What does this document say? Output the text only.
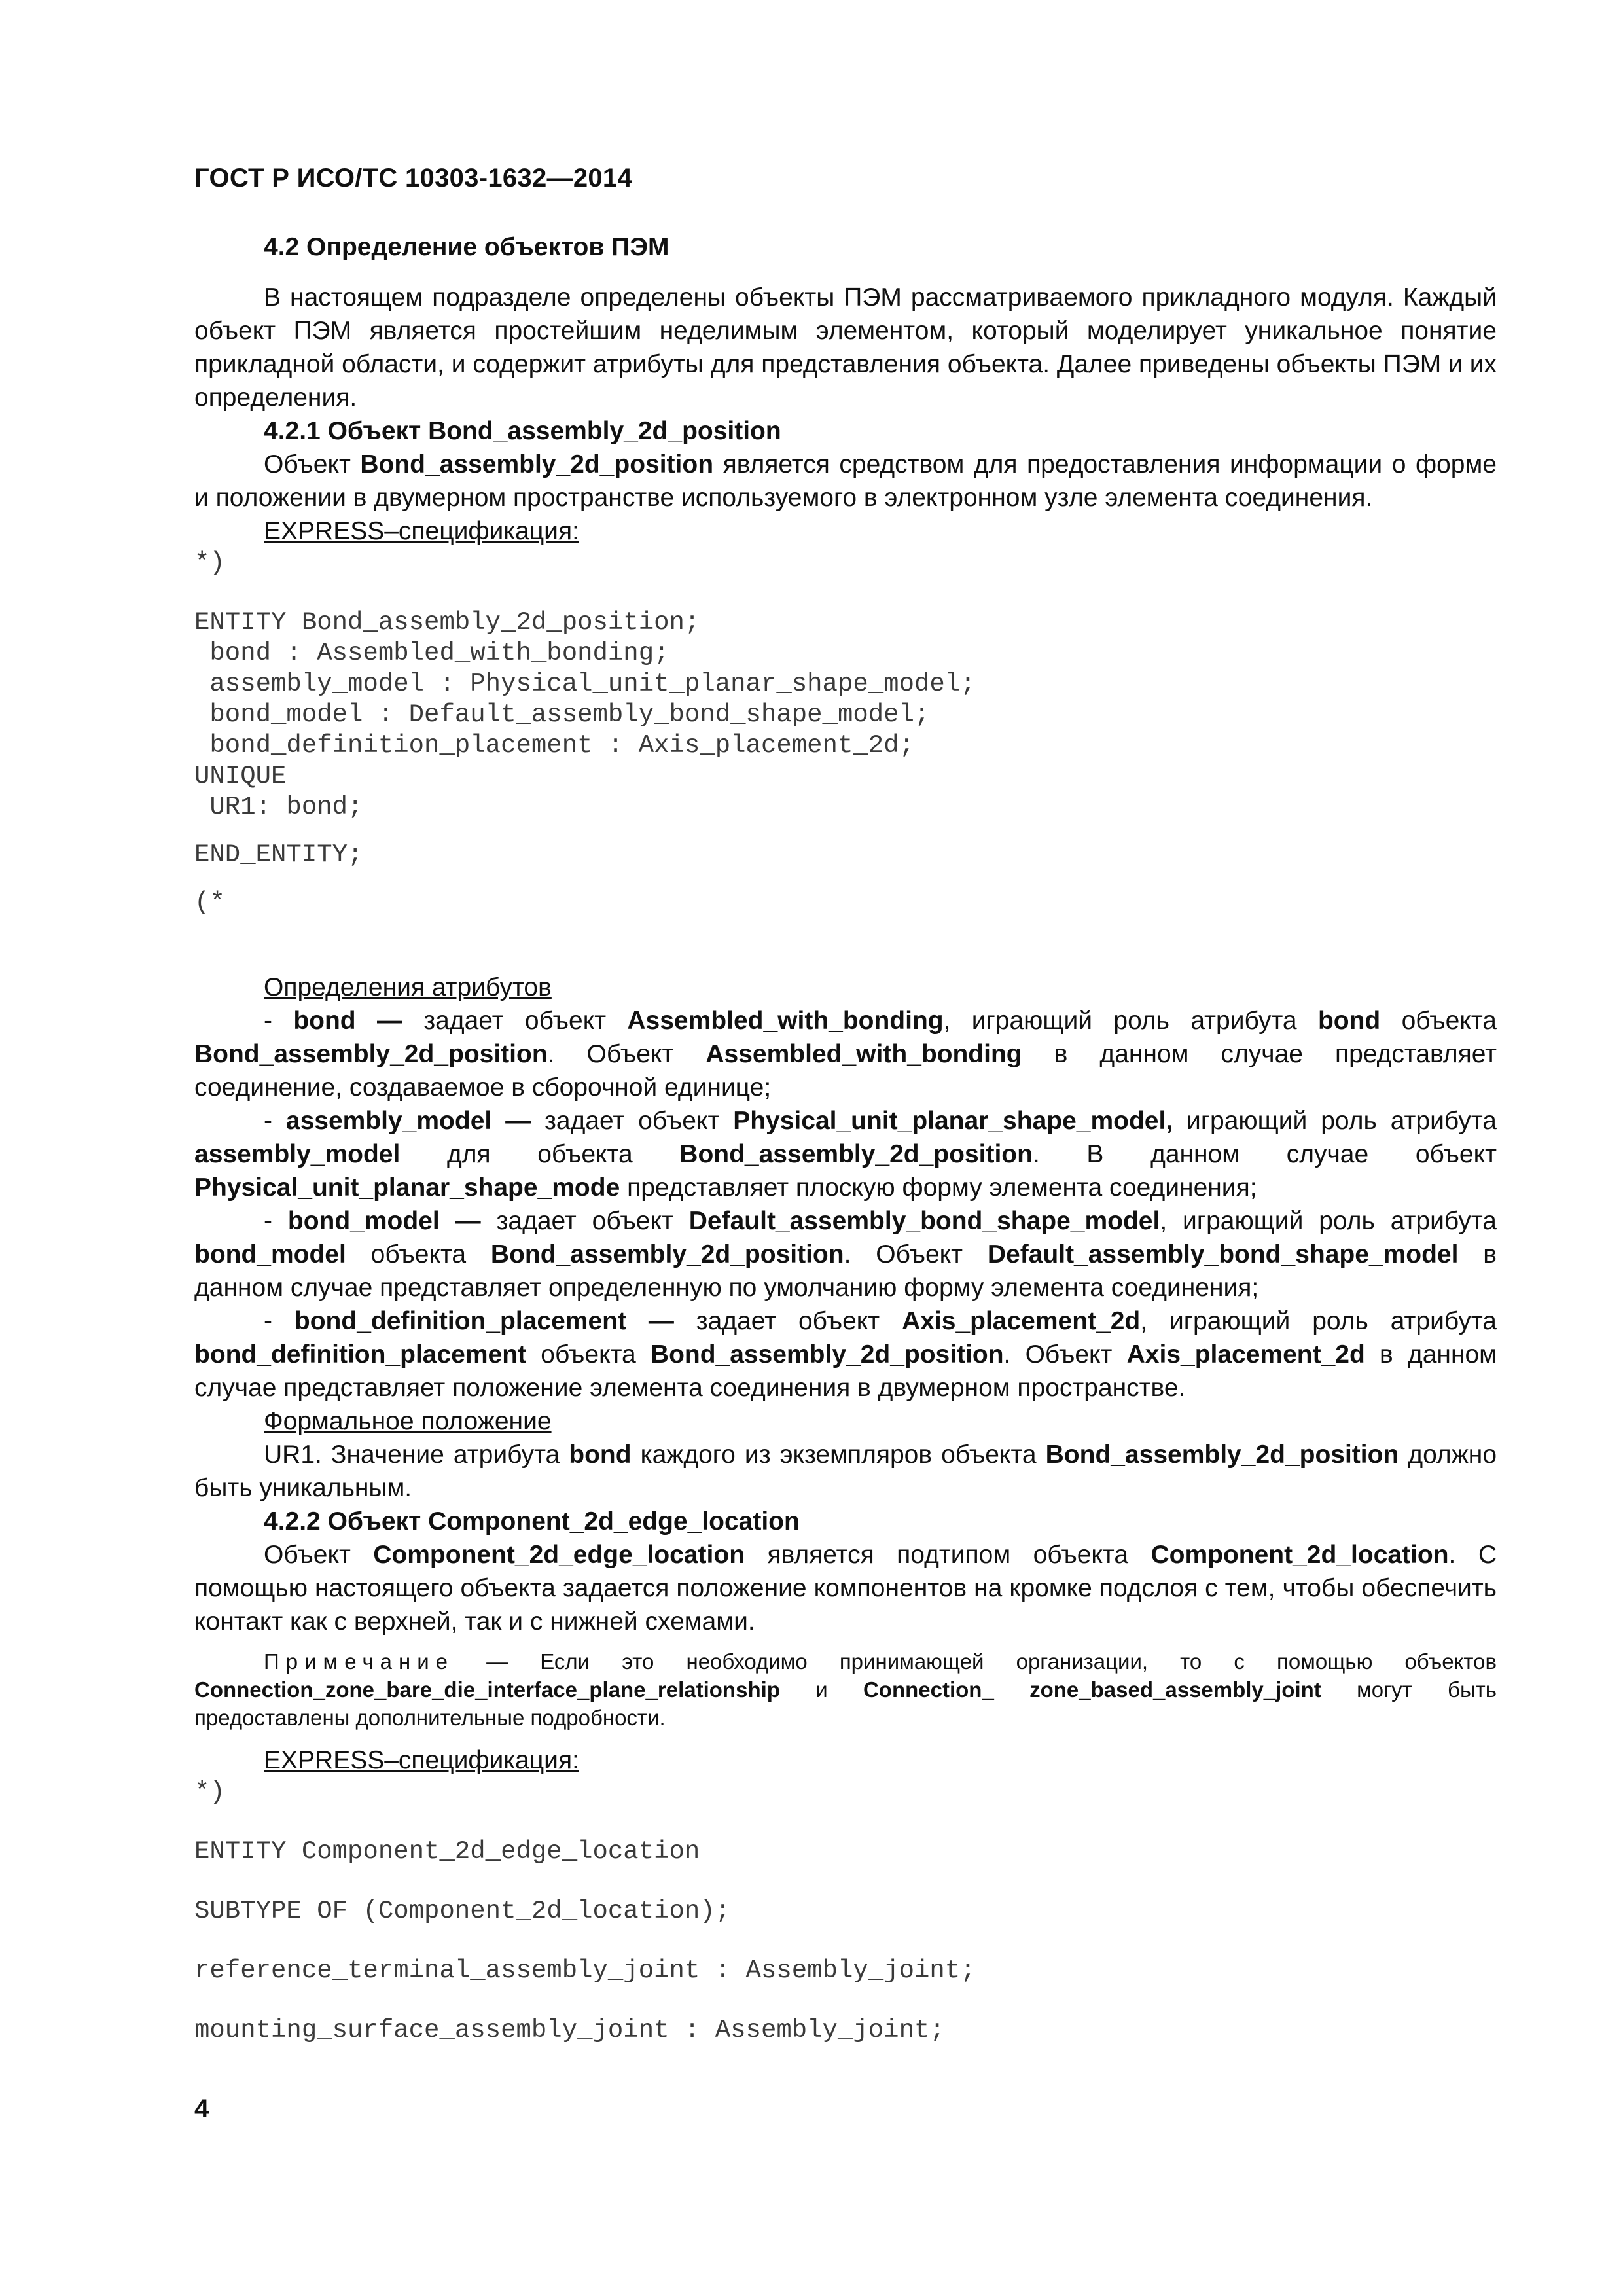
ГОСТ Р ИСО/ТС 10303-1632—2014

4.2 Определение объектов ПЭМ

В настоящем подразделе определены объекты ПЭМ рассматриваемого прикладного модуля. Каждый объект ПЭМ является простейшим неделимым элементом, который моделирует уникальное понятие прикладной области, и содержит атрибуты для представления объекта. Далее приведены объекты ПЭМ и их определения.

4.2.1 Объект Bond_assembly_2d_position

Объект Bond_assembly_2d_position является средством для предоставления информации о форме и положении в двумерном пространстве используемого в электронном узле элемента соединения.

EXPRESS–спецификация:

*)

ENTITY Bond_assembly_2d_position;

bond : Assembled_with_bonding;

assembly_model : Physical_unit_planar_shape_model;

bond_model : Default_assembly_bond_shape_model;

bond_definition_placement : Axis_placement_2d;

UNIQUE

UR1: bond;

END_ENTITY;

(*

Определения атрибутов

- bond — задает объект Assembled_with_bonding, играющий роль атрибута bond объекта Bond_assembly_2d_position. Объект Assembled_with_bonding в данном случае представляет соединение, создаваемое в сборочной единице;

- assembly_model — задает объект Physical_unit_planar_shape_model, играющий роль атрибута assembly_model для объекта Bond_assembly_2d_position. В данном случае объект Physical_unit_planar_shape_mode представляет плоскую форму элемента соединения;

- bond_model — задает объект Default_assembly_bond_shape_model, играющий роль атрибута bond_model объекта Bond_assembly_2d_position. Объект Default_assembly_bond_shape_model в данном случае представляет определенную по умолчанию форму элемента соединения;

- bond_definition_placement — задает объект Axis_placement_2d, играющий роль атрибута bond_definition_placement объекта Bond_assembly_2d_position. Объект Axis_placement_2d в данном случае представляет положение элемента соединения в двумерном пространстве.

Формальное положение

UR1. Значение атрибута bond каждого из экземпляров объекта Bond_assembly_2d_position должно быть уникальным.

4.2.2 Объект Component_2d_edge_location

Объект Component_2d_edge_location является подтипом объекта Component_2d_location. С помощью настоящего объекта задается положение компонентов на кромке подслоя с тем, чтобы обеспечить контакт как с верхней, так и с нижней схемами.

Примечание — Если это необходимо принимающей организации, то с помощью объектов Connection_zone_bare_die_interface_plane_relationship и Connection_ zone_based_assembly_joint могут быть предоставлены дополнительные подробности.

EXPRESS–спецификация:

*)

ENTITY Component_2d_edge_location

SUBTYPE OF (Component_2d_location);

reference_terminal_assembly_joint : Assembly_joint;

mounting_surface_assembly_joint : Assembly_joint;

4
